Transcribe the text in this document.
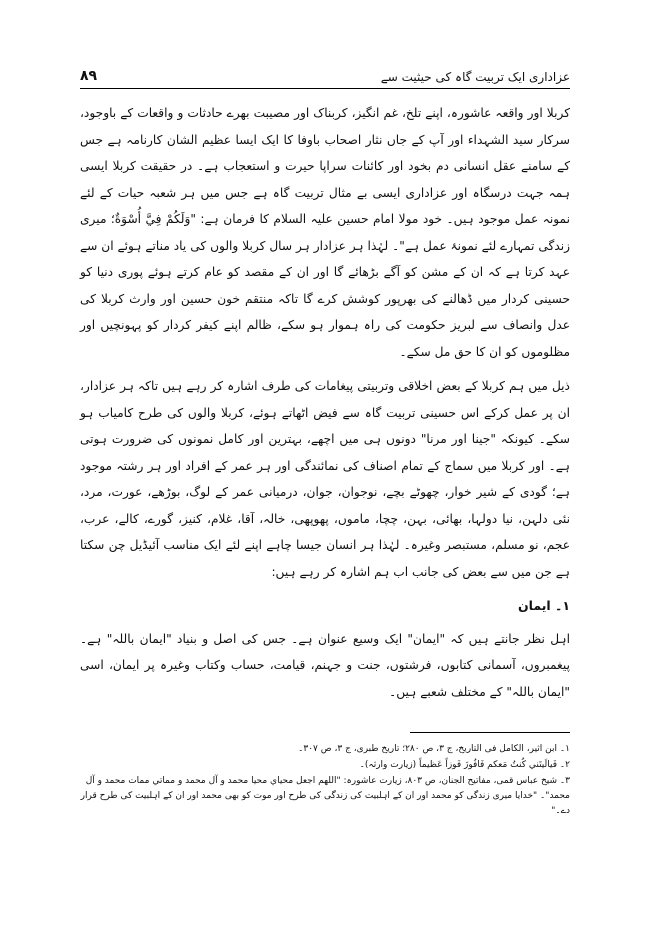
۸۹	عزاداری ایک تربیت گاہ کی حیثیت سے

کربلا اور واقعہ عاشورہ، اپنے تلخ، غم انگیز، کربناک اور مصیبت بھرے حادثات و واقعات کے باوجود، سرکار سید الشہداء اور آپ کے جاں نثار اصحاب باوفا کا ایک ایسا عظیم الشان کارنامہ ہے جس کے سامنے عقل انسانی دم بخود اور کائنات سراپا حیرت و استعجاب ہے۔ در حقیقت کربلا ایسی ہمہ جہت درسگاہ اور عزاداری ایسی بے مثال تربیت گاہ ہے جس میں ہر شعبہ حیات کے لئے نمونہ عمل موجود ہیں۔ خود مولا امام حسین علیہ السلام کا فرمان ہے: "وَلَكُمْ فِيَّ أُسْوَةٌ؛ میری زندگی تمہارے لئے نمونۂ عمل ہے"۔ لہٰذا ہر عزادار ہر سال کربلا والوں کی یاد مناتے ہوئے ان سے عہد کرتا ہے کہ ان کے مشن کو آگے بڑھائے گا اور ان کے مقصد کو عام کرتے ہوئے پوری دنیا کو حسینی کردار میں ڈھالنے کی بھرپور کوشش کرے گا تاکہ منتقم خون حسین اور وارث کربلا کی عدل وانصاف سے لبریز حکومت کی راہ ہموار ہو سکے، ظالم اپنے کیفر کردار کو پہونچیں اور مظلوموں کو ان کا حق مل سکے۔

ذیل میں ہم کربلا کے بعض اخلاقی وتربیتی پیغامات کی طرف اشارہ کر رہے ہیں تاکہ ہر عزادار، ان پر عمل کرکے اس حسینی تربیت گاہ سے فیض اٹھاتے ہوئے، کربلا والوں کی طرح کامیاب ہو سکے۔ کیونکہ "جینا اور مرنا" دونوں ہی میں اچھے، بہترین اور کامل نمونوں کی ضرورت ہوتی ہے۔ اور کربلا میں سماج کے تمام اصناف کی نمائندگی اور ہر عمر کے افراد اور ہر رشتہ موجود ہے؛ گودی کے شیر خوار، چھوٹے بچے، نوجوان، جوان، درمیانی عمر کے لوگ، بوڑھے، عورت، مرد، نئی دلہن، نیا دولہا، بھائی، بہن، چچا، ماموں، پھوپھی، خالہ، آقا، غلام، کنیز، گورے، کالے، عرب، عجم، نو مسلم، مستبصر وغیرہ۔ لہٰذا ہر انسان جیسا چاہے اپنے لئے ایک مناسب آئیڈیل چن سکتا ہے جن میں سے بعض کی جانب اب ہم اشارہ کر رہے ہیں:

۱۔ ایمان

اہل نظر جانتے ہیں کہ "ایمان" ایک وسیع عنوان ہے۔ جس کی اصل و بنیاد "ایمان باللہ" ہے۔ پیغمبروں، آسمانی کتابوں، فرشتوں، جنت و جہنم، قیامت، حساب وکتاب وغیرہ پر ایمان، اسی "ایمان باللہ" کے مختلف شعبے ہیں۔

۱۔ ابن اثیر، الکامل فی التاریخ، ج ۳، ص ۲۸۰؛ تاریخ طبری، ج ۳، ص ۳۰۷۔
۲۔ فَيالَيتَني كُنتُ مَعكم فَافُوزَ فَوزاً عَظيماً (زیارت وارثہ)۔
۳۔ شیخ عباس قمی، مفاتیح الجنان، ص ۸۰۳، زیارت عاشورہ: "اللهم اجعل محياي محيا محمد و آل محمد و مماتي ممات محمد و آل محمد"۔ "خدایا میری زندگی کو محمد اور ان کے اہلبیت کی زندگی کی طرح اور موت کو بھی محمد اور ان کے اہلبیت کی طرح قرار دے۔"
